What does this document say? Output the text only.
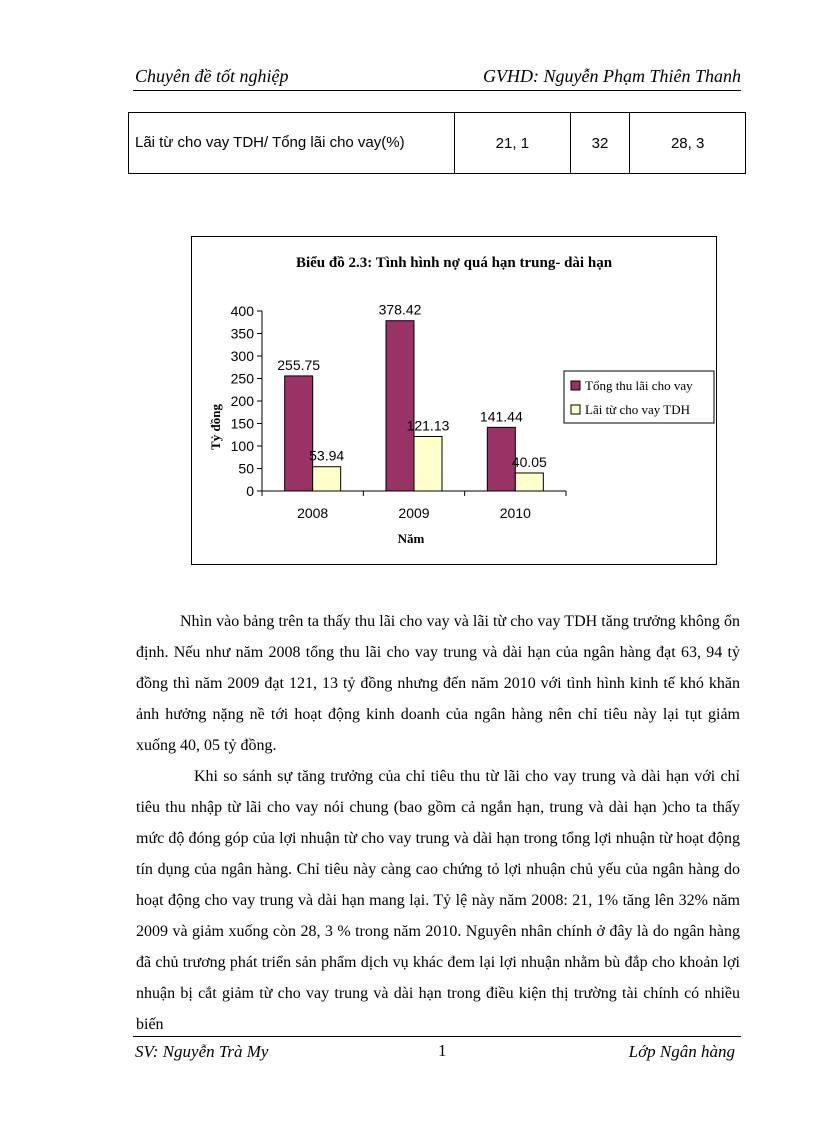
Chuyên đề tốt nghiệp	GVHD: Nguyễn Phạm Thiên Thanh
Lãi từ cho vay TDH/ Tổng lãi cho vay(%)	21, 1	32	28, 3
Biểu đồ 2.3: Tình hình nợ quá hạn trung- dài hạn
Tỷ đồng
Năm
0
50
100
150
200
250
300
350
400
2008
255.75
53.94
2009
378.42
121.13
2010
141.44
40.05
Tổng thu lãi cho vay
Lãi từ cho vay TDH

Nhìn vào bảng trên ta thấy thu lãi cho vay và lãi từ cho vay TDH tăng trưởng không ổn định. Nếu như năm 2008 tổng thu lãi cho vay trung và dài hạn của ngân hàng đạt 63, 94 tỷ đồng thì năm 2009 đạt 121, 13 tỷ đồng nhưng đến năm 2010 với tình hình kinh tế khó khăn ảnh hưởng nặng nề tới hoạt động kinh doanh của ngân hàng nên chỉ tiêu này lại tụt giảm xuống 40, 05 tỷ đồng.

Khi so sánh sự tăng trưởng của chỉ tiêu thu từ lãi cho vay trung và dài hạn với chỉ tiêu thu nhập từ lãi cho vay nói chung (bao gồm cả ngắn hạn, trung và dài hạn )cho ta thấy mức độ đóng góp của lợi nhuận từ cho vay trung và dài hạn trong tổng lợi nhuận từ hoạt động tín dụng của ngân hàng. Chỉ tiêu này càng cao chứng tỏ lợi nhuận chủ yếu của ngân hàng do hoạt động cho vay trung và dài hạn mang lại. Tỷ lệ này năm 2008: 21, 1% tăng lên 32% năm 2009 và giảm xuống còn 28, 3 % trong năm 2010. Nguyên nhân chính ở đây là do ngân hàng đã chủ trương phát triển sản phẩm dịch vụ khác đem lại lợi nhuận nhằm bù đắp cho khoản lợi nhuận bị cắt giảm từ cho vay trung và dài hạn trong điều kiện thị trường tài chính có nhiều biến

SV: Nguyễn Trà My	1	Lớp Ngân hàng
